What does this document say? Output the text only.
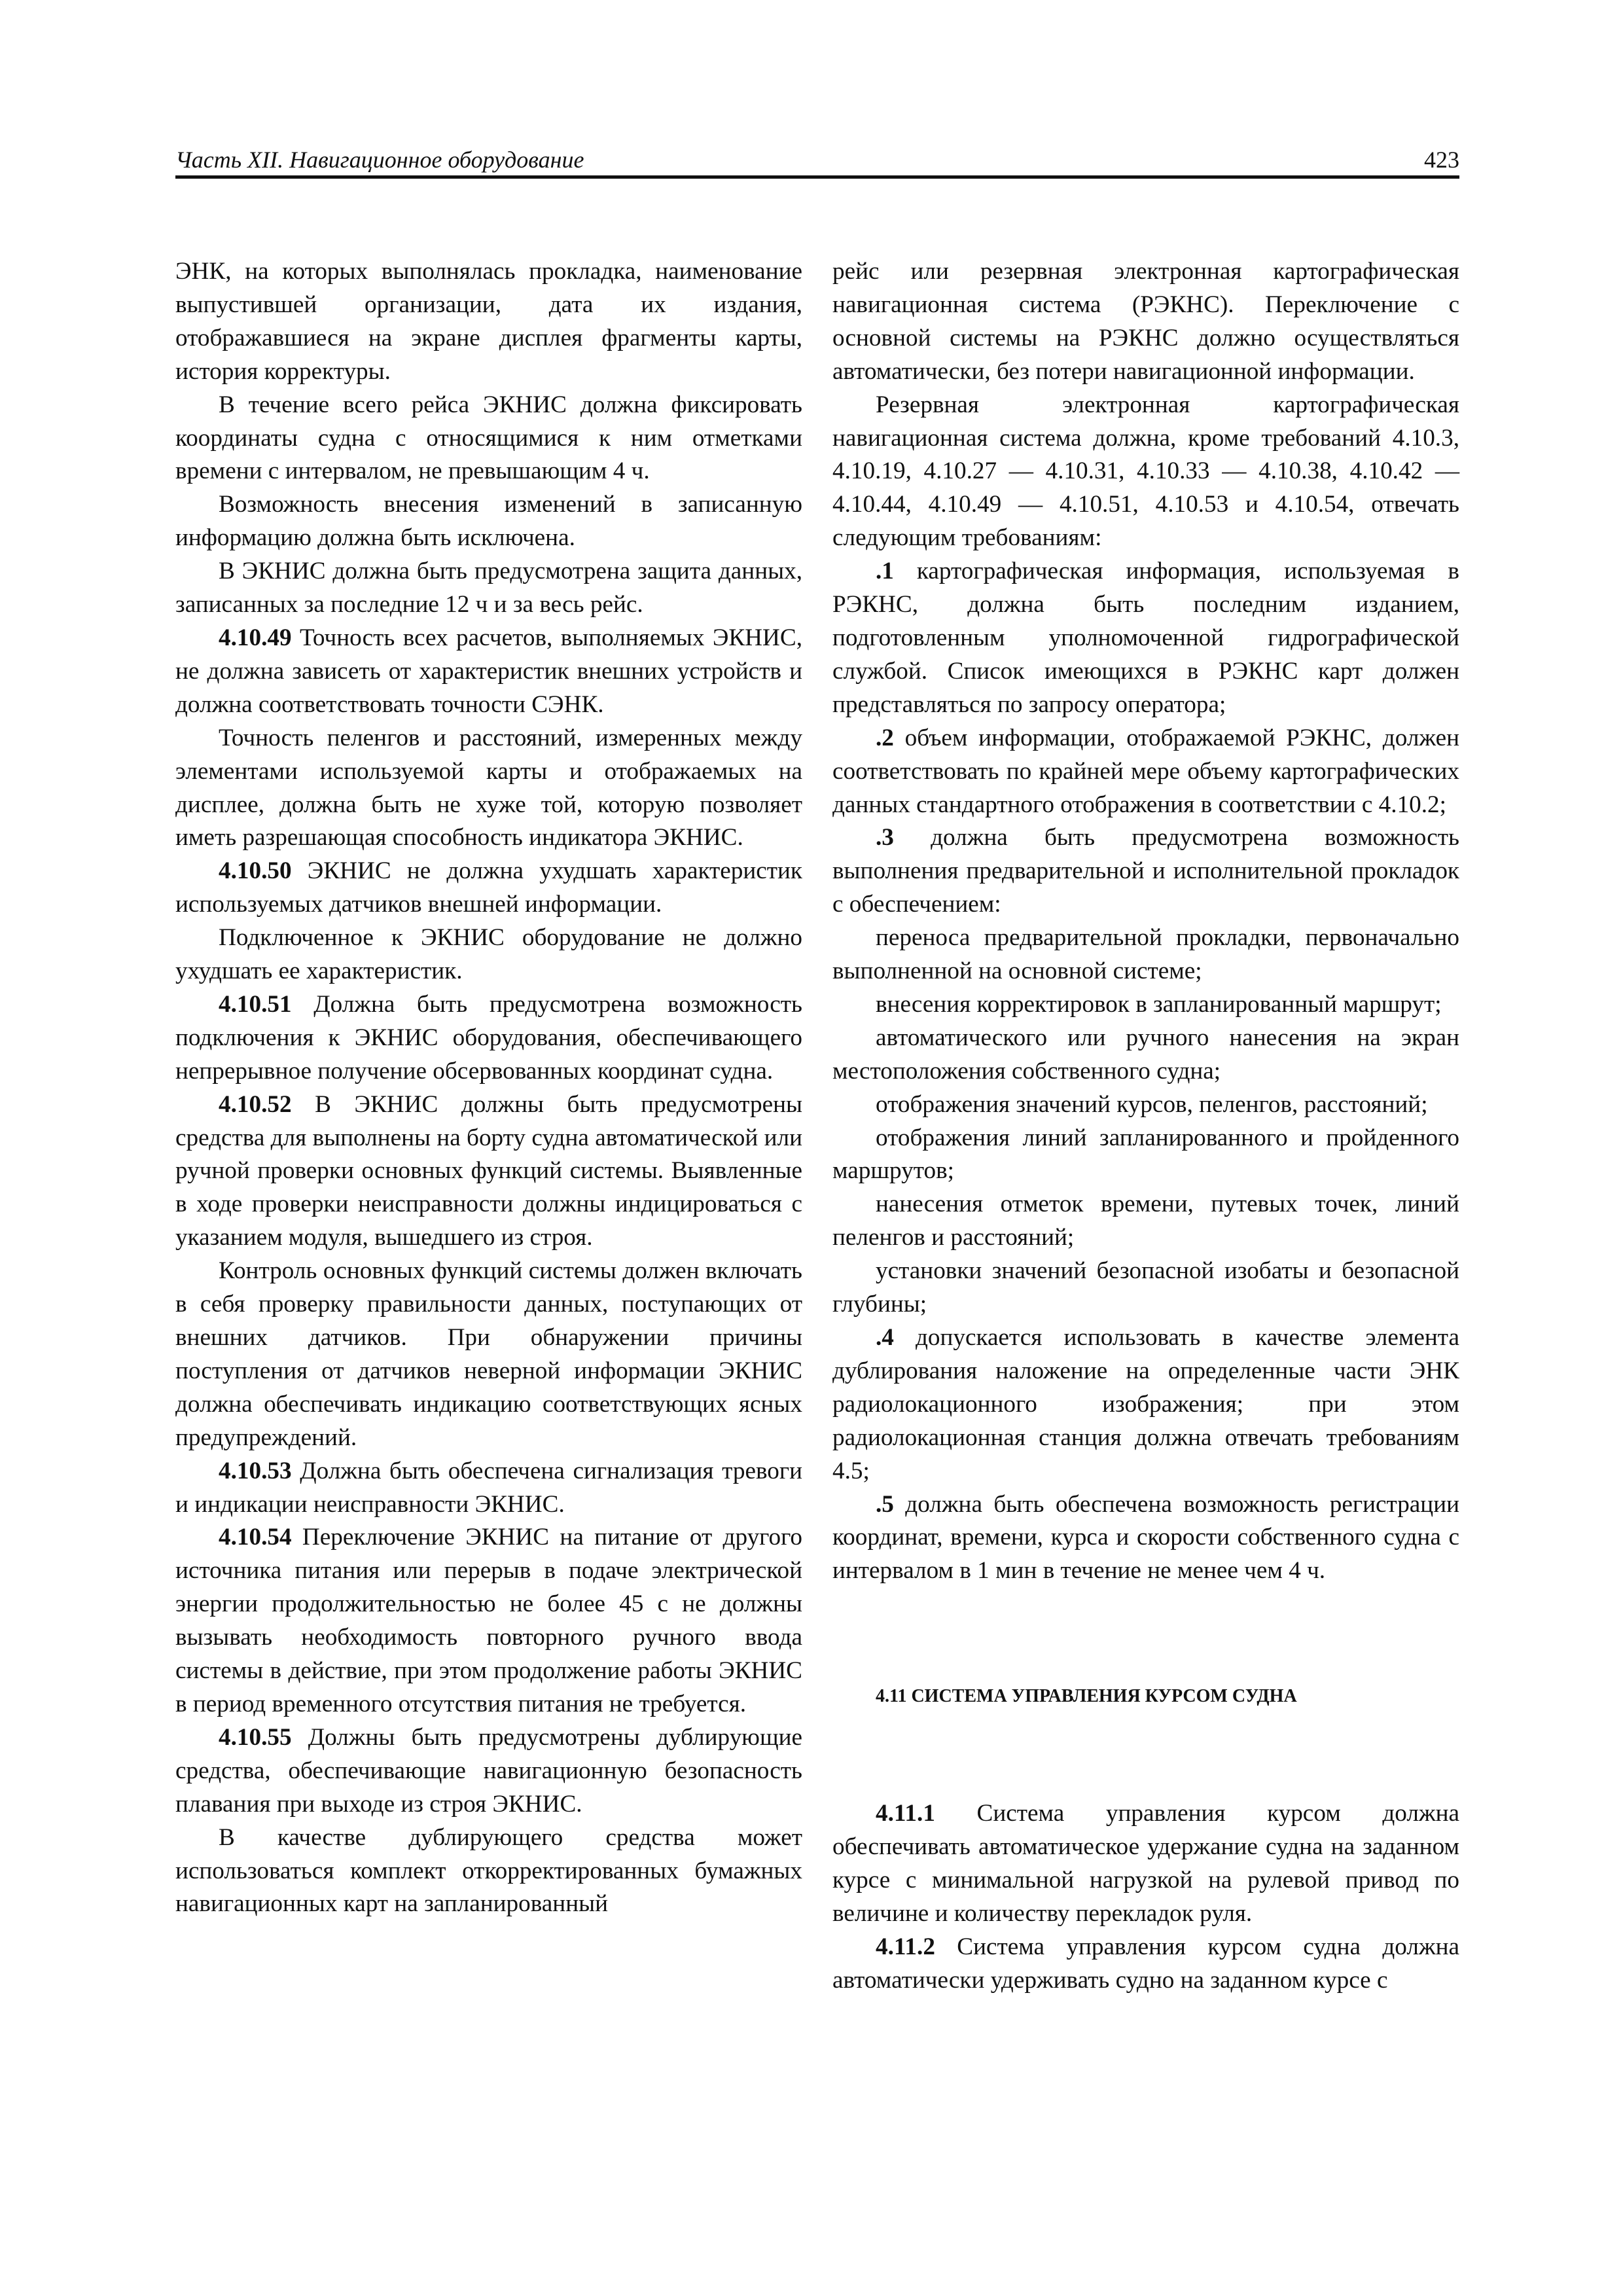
Часть XII. Навигационное оборудование	423

ЭНК, на которых выполнялась прокладка, наименование выпустившей организации, дата их издания, отображавшиеся на экране дисплея фрагменты карты, история корректуры.

В течение всего рейса ЭКНИС должна фиксировать координаты судна с относящимися к ним отметками времени с интервалом, не превышающим 4 ч.

Возможность внесения изменений в записанную информацию должна быть исключена.

В ЭКНИС должна быть предусмотрена защита данных, записанных за последние 12 ч и за весь рейс.

4.10.49 Точность всех расчетов, выполняемых ЭКНИС, не должна зависеть от характеристик внешних устройств и должна соответствовать точности СЭНК.

Точность пеленгов и расстояний, измеренных между элементами используемой карты и отображаемых на дисплее, должна быть не хуже той, которую позволяет иметь разрешающая способность индикатора ЭКНИС.

4.10.50 ЭКНИС не должна ухудшать характеристик используемых датчиков внешней информации.

Подключенное к ЭКНИС оборудование не должно ухудшать ее характеристик.

4.10.51 Должна быть предусмотрена возможность подключения к ЭКНИС оборудования, обеспечивающего непрерывное получение обсервованных координат судна.

4.10.52 В ЭКНИС должны быть предусмотрены средства для выполнены на борту судна автоматической или ручной проверки основных функций системы. Выявленные в ходе проверки неисправности должны индицироваться с указанием модуля, вышедшего из строя.

Контроль основных функций системы должен включать в себя проверку правильности данных, поступающих от внешних датчиков. При обнаружении причины поступления от датчиков неверной информации ЭКНИС должна обеспечивать индикацию соответствующих ясных предупреждений.

4.10.53 Должна быть обеспечена сигнализация тревоги и индикации неисправности ЭКНИС.

4.10.54 Переключение ЭКНИС на питание от другого источника питания или перерыв в подаче электрической энергии продолжительностью не более 45 с не должны вызывать необходимость повторного ручного ввода системы в действие, при этом продолжение работы ЭКНИС в период временного отсутствия питания не требуется.

4.10.55 Должны быть предусмотрены дублирующие средства, обеспечивающие навигационную безопасность плавания при выходе из строя ЭКНИС.

В качестве дублирующего средства может использоваться комплект откорректированных бумажных навигационных карт на запланированный

рейс или резервная электронная картографическая навигационная система (РЭКНС). Переключение с основной системы на РЭКНС должно осуществляться автоматически, без потери навигационной информации.

Резервная электронная картографическая навигационная система должна, кроме требований 4.10.3, 4.10.19, 4.10.27 — 4.10.31, 4.10.33 — 4.10.38, 4.10.42 — 4.10.44, 4.10.49 — 4.10.51, 4.10.53 и 4.10.54, отвечать следующим требованиям:

.1 картографическая информация, используемая в РЭКНС, должна быть последним изданием, подготовленным уполномоченной гидрографической службой. Список имеющихся в РЭКНС карт должен представляться по запросу оператора;

.2 объем информации, отображаемой РЭКНС, должен соответствовать по крайней мере объему картографических данных стандартного отображения в соответствии с 4.10.2;

.3 должна быть предусмотрена возможность выполнения предварительной и исполнительной прокладок с обеспечением:

переноса предварительной прокладки, первоначально выполненной на основной системе;

внесения корректировок в запланированный маршрут;

автоматического или ручного нанесения на экран местоположения собственного судна;

отображения значений курсов, пеленгов, расстояний;

отображения линий запланированного и пройденного маршрутов;

нанесения отметок времени, путевых точек, линий пеленгов и расстояний;

установки значений безопасной изобаты и безопасной глубины;

.4 допускается использовать в качестве элемента дублирования наложение на определенные части ЭНК радиолокационного изображения; при этом радиолокационная станция должна отвечать требованиям 4.5;

.5 должна быть обеспечена возможность регистрации координат, времени, курса и скорости собственного судна с интервалом в 1 мин в течение не менее чем 4 ч.

4.11 СИСТЕМА УПРАВЛЕНИЯ КУРСОМ СУДНА

4.11.1 Система управления курсом должна обеспечивать автоматическое удержание судна на заданном курсе с минимальной нагрузкой на рулевой привод по величине и количеству перекладок руля.

4.11.2 Система управления курсом судна должна автоматически удерживать судно на заданном курсе с
